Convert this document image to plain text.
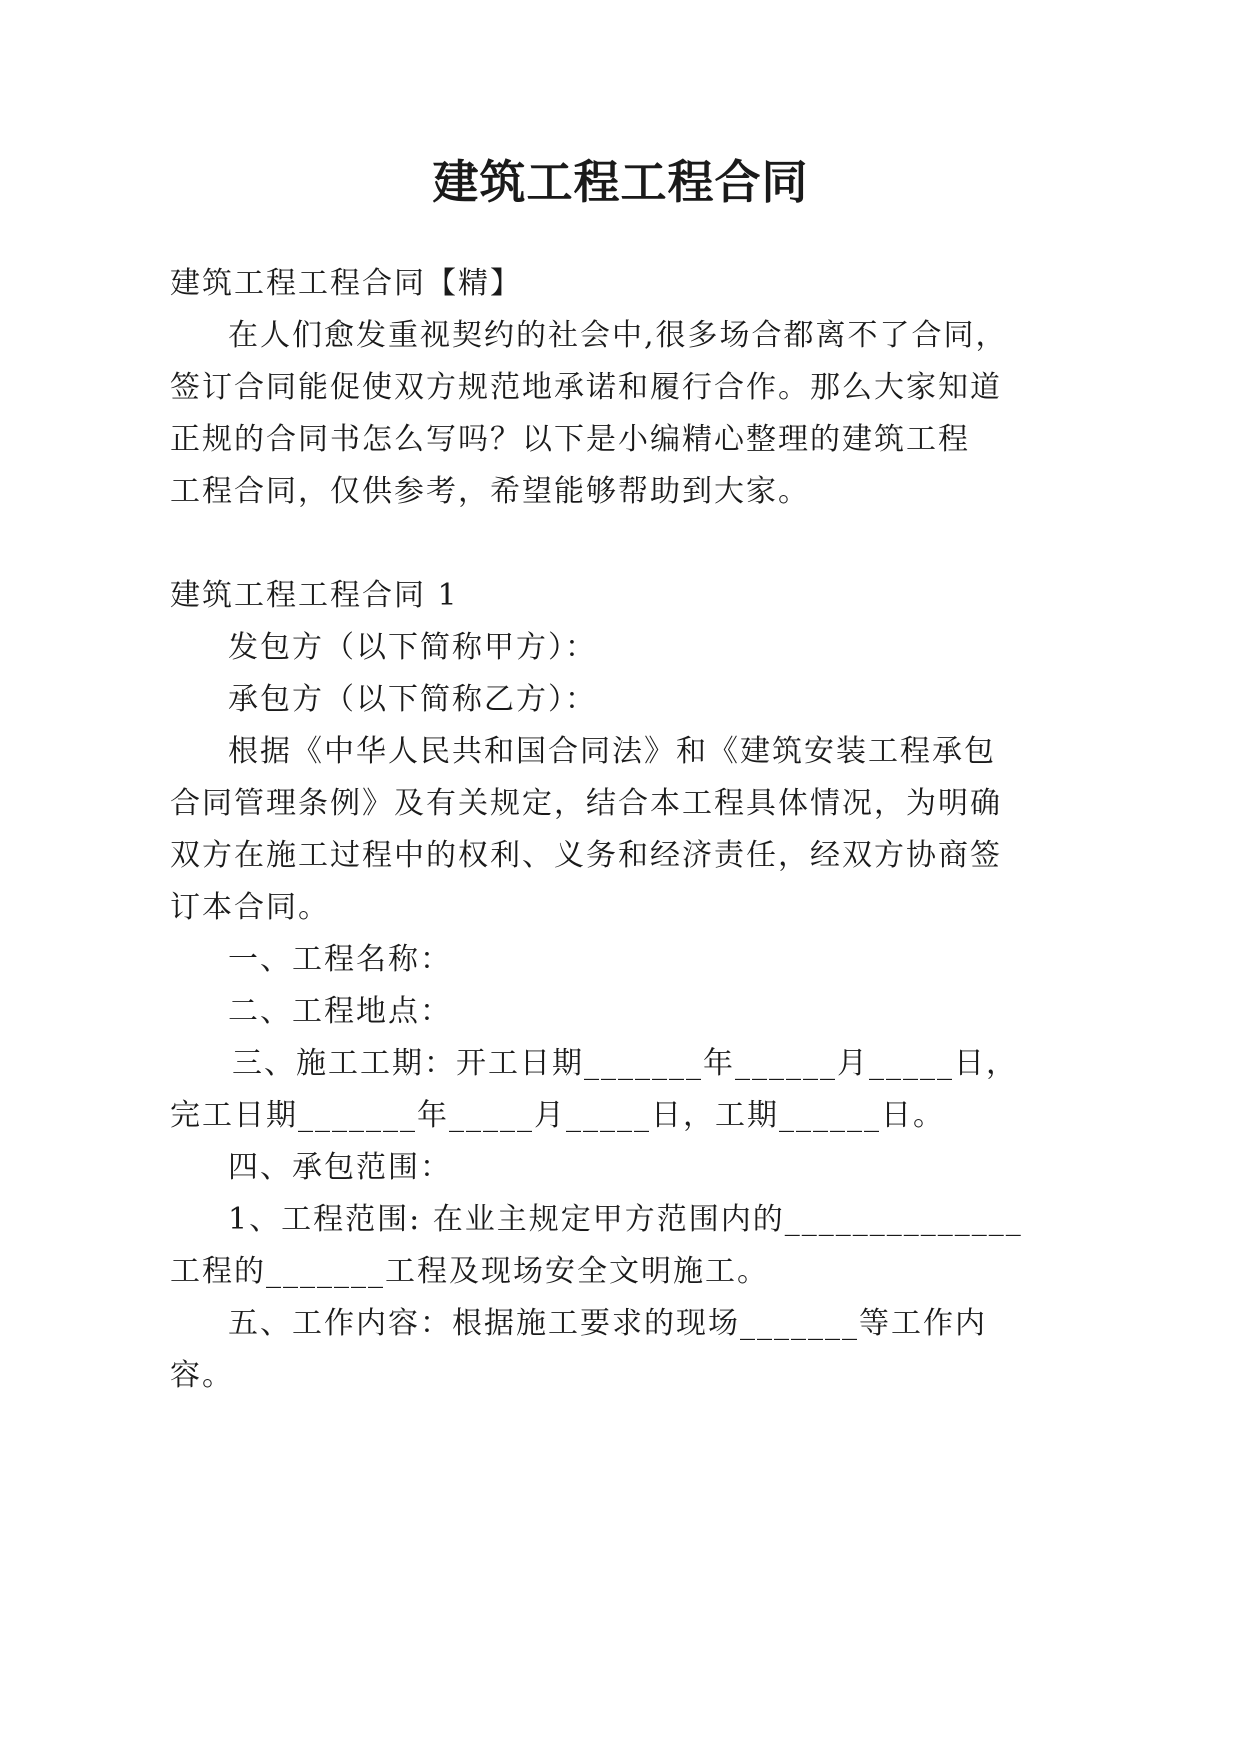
建筑工程工程合同
建筑工程工程合同【精】
在人们愈发重视契约的社会中,很多场合都离不了合同，
签订合同能促使双方规范地承诺和履行合作。那么大家知道
正规的合同书怎么写吗？以下是小编精心整理的建筑工程
工程合同，仅供参考，希望能够帮助到大家。
建筑工程工程合同 1
发包方（以下简称甲方）：
承包方（以下简称乙方）：
根据《中华人民共和国合同法》和《建筑安装工程承包
合同管理条例》及有关规定，结合本工程具体情况，为明确
双方在施工过程中的权利、义务和经济责任，经双方协商签
订本合同。
一、工程名称：
二、工程地点：
三、施工工期：开工日期_______年______月_____日，
完工日期_______年_____月_____日，工期______日。
四、承包范围：
1、工程范围: 在业主规定甲方范围内的______________
工程的_______工程及现场安全文明施工。
五、工作内容：根据施工要求的现场_______等工作内
容。
